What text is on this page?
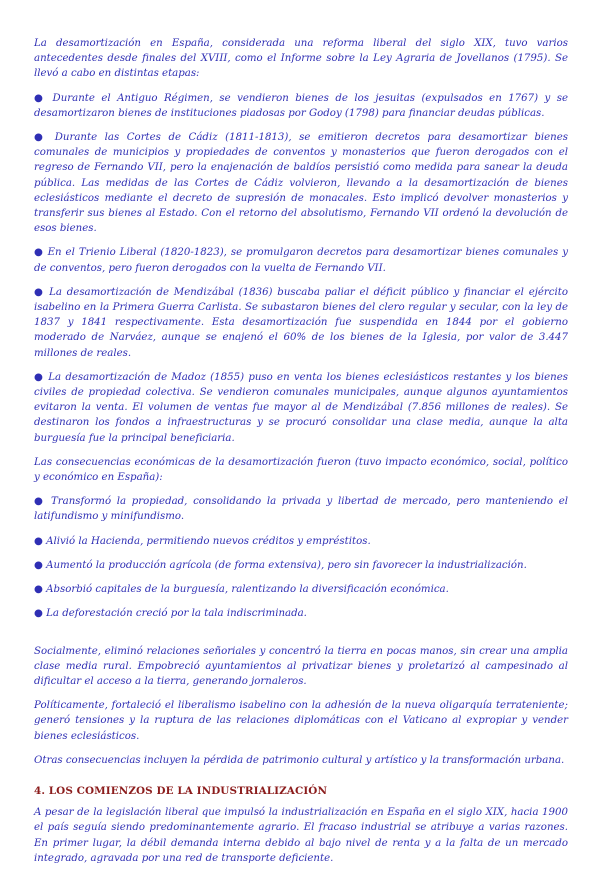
La desamortización en España, considerada una reforma liberal del siglo XIX, tuvo varios antecedentes desde finales del XVIII, como el Informe sobre la Ley Agraria de Jovellanos (1795). Se llevó a cabo en distintas etapas:

● Durante el Antiguo Régimen, se vendieron bienes de los jesuitas (expulsados en 1767) y se desamortizaron bienes de instituciones piadosas por Godoy (1798) para financiar deudas públicas.

● Durante las Cortes de Cádiz (1811-1813), se emitieron decretos para desamortizar bienes comunales de municipios y propiedades de conventos y monasterios que fueron derogados con el regreso de Fernando VII, pero la enajenación de baldíos persistió como medida para sanear la deuda pública. Las medidas de las Cortes de Cádiz volvieron, llevando a la desamortización de bienes eclesiásticos mediante el decreto de supresión de monacales. Esto implicó devolver monasterios y transferir sus bienes al Estado. Con el retorno del absolutismo, Fernando VII ordenó la devolución de esos bienes.

● En el Trienio Liberal (1820-1823), se promulgaron decretos para desamortizar bienes comunales y de conventos, pero fueron derogados con la vuelta de Fernando VII.

● La desamortización de Mendizábal (1836) buscaba paliar el déficit público y financiar el ejército isabelino en la Primera Guerra Carlista. Se subastaron bienes del clero regular y secular, con la ley de 1837 y 1841 respectivamente. Esta desamortización fue suspendida en 1844 por el gobierno moderado de Narváez, aunque se enajenó el 60% de los bienes de la Iglesia, por valor de 3.447 millones de reales.

● La desamortización de Madoz (1855) puso en venta los bienes eclesiásticos restantes y los bienes civiles de propiedad colectiva. Se vendieron comunales municipales, aunque algunos ayuntamientos evitaron la venta. El volumen de ventas fue mayor al de Mendizábal (7.856 millones de reales). Se destinaron los fondos a infraestructuras y se procuró consolidar una clase media, aunque la alta burguesía fue la principal beneficiaria.

Las consecuencias económicas de la desamortización fueron (tuvo impacto económico, social, político y económico en España):

● Transformó la propiedad, consolidando la privada y libertad de mercado, pero manteniendo el latifundismo y minifundismo.

● Alivió la Hacienda, permitiendo nuevos créditos y empréstitos.

● Aumentó la producción agrícola (de forma extensiva), pero sin favorecer la industrialización.

● Absorbió capitales de la burguesía, ralentizando la diversificación económica.

● La deforestación creció por la tala indiscriminada.

Socialmente, eliminó relaciones señoriales y concentró la tierra en pocas manos, sin crear una amplia clase media rural. Empobreció ayuntamientos al privatizar bienes y proletarizó al campesinado al dificultar el acceso a la tierra, generando jornaleros.

Políticamente, fortaleció el liberalismo isabelino con la adhesión de la nueva oligarquía terrateniente; generó tensiones y la ruptura de las relaciones diplomáticas con el Vaticano al expropiar y vender bienes eclesiásticos.

Otras consecuencias incluyen la pérdida de patrimonio cultural y artístico y la transformación urbana.

4. LOS COMIENZOS DE LA INDUSTRIALIZACIÓN

A pesar de la legislación liberal que impulsó la industrialización en España en el siglo XIX, hacia 1900 el país seguía siendo predominantemente agrario. El fracaso industrial se atribuye a varias razones. En primer lugar, la débil demanda interna debido al bajo nivel de renta y a la falta de un mercado integrado, agravada por una red de transporte deficiente.
